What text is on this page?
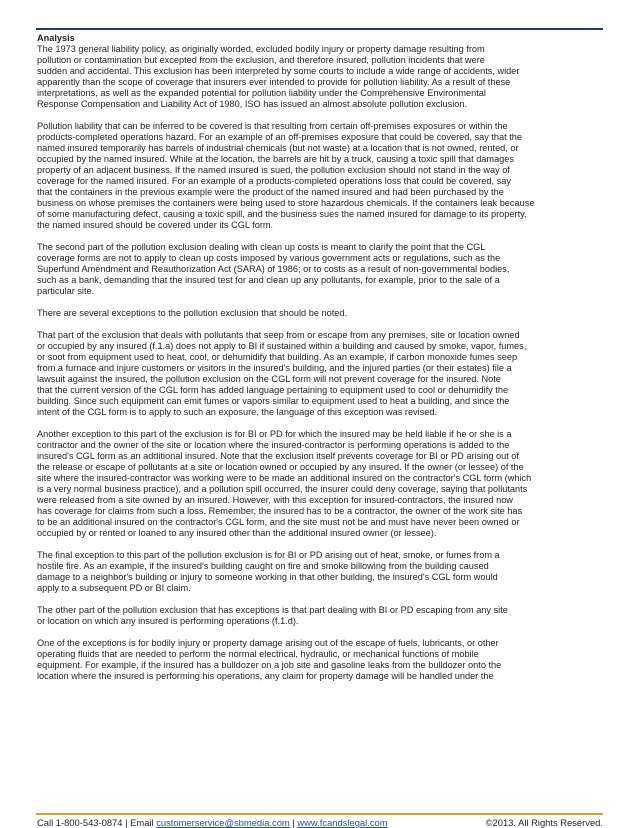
Analysis
The 1973 general liability policy, as originally worded, excluded bodily injury or property damage resulting from
pollution or contamination but excepted from the exclusion, and therefore insured, pollution incidents that were
sudden and accidental. This exclusion has been interpreted by some courts to include a wide range of accidents, wider
apparently than the scope of coverage that insurers ever intended to provide for pollution liability. As a result of these
interpretations, as well as the expanded potential for pollution liability under the Comprehensive Environmental
Response Compensation and Liability Act of 1980, ISO has issued an almost absolute pollution exclusion.
Pollution liability that can be inferred to be covered is that resulting from certain off-premises exposures or within the
products-completed operations hazard. For an example of an off-premises exposure that could be covered, say that the
named insured temporarily has barrels of industrial chemicals (but not waste) at a location that is not owned, rented, or
occupied by the named insured. While at the location, the barrels are hit by a truck, causing a toxic spill that damages
property of an adjacent business. If the named insured is sued, the pollution exclusion should not stand in the way of
coverage for the named insured. For an example of a products-completed operations loss that could be covered, say
that the containers in the previous example were the product of the named insured and had been purchased by the
business on whose premises the containers were being used to store hazardous chemicals. If the containers leak because
of some manufacturing defect, causing a toxic spill, and the business sues the named insured for damage to its property,
the named insured should be covered under its CGL form.
The second part of the pollution exclusion dealing with clean up costs is meant to clarify the point that the CGL
coverage forms are not to apply to clean up costs imposed by various government acts or regulations, such as the
Superfund Amendment and Reauthorization Act (SARA) of 1986; or to costs as a result of non-governmental bodies,
such as a bank, demanding that the insured test for and clean up any pollutants, for example, prior to the sale of a
particular site.
There are several exceptions to the pollution exclusion that should be noted.
That part of the exclusion that deals with pollutants that seep from or escape from any premises, site or location owned
or occupied by any insured (f.1.a) does not apply to BI if sustained within a building and caused by smoke, vapor, fumes,
or soot from equipment used to heat, cool, or dehumidify that building. As an example, if carbon monoxide fumes seep
from a furnace and injure customers or visitors in the insured's building, and the injured parties (or their estates) file a
lawsuit against the insured, the pollution exclusion on the CGL form will not prevent coverage for the insured. Note
that the current version of the CGL form has added language pertaining to equipment used to cool or dehumidify the
building. Since such equipment can emit fumes or vapors similar to equipment used to heat a building, and since the
intent of the CGL form is to apply to such an exposure, the language of this exception was revised.
Another exception to this part of the exclusion is for BI or PD for which the insured may be held liable if he or she is a
contractor and the owner of the site or location where the insured-contractor is performing operations is added to the
insured's CGL form as an additional insured. Note that the exclusion itself prevents coverage for BI or PD arising out of
the release or escape of pollutants at a site or location owned or occupied by any insured. If the owner (or lessee) of the
site where the insured-contractor was working were to be made an additional insured on the contractor's CGL form (which
is a very normal business practice), and a pollution spill occurred, the insurer could deny coverage, saying that pollutants
were released from a site owned by an insured. However, with this exception for insured-contractors, the insured now
has coverage for claims from such a loss. Remember, the insured has to be a contractor, the owner of the work site has
to be an additional insured on the contractor's CGL form, and the site must not be and must have never been owned or
occupied by or rented or loaned to any insured other than the additional insured owner (or lessee).
The final exception to this part of the pollution exclusion is for BI or PD arising out of heat, smoke, or fumes from a
hostile fire. As an example, if the insured's building caught on fire and smoke billowing from the building caused
damage to a neighbor's building or injury to someone working in that other building, the insured's CGL form would
apply to a subsequent PD or BI claim.
The other part of the pollution exclusion that has exceptions is that part dealing with BI or PD escaping from any site
or location on which any insured is performing operations (f.1.d).
One of the exceptions is for bodily injury or property damage arising out of the escape of fuels, lubricants, or other
operating fluids that are needed to perform the normal electrical, hydraulic, or mechanical functions of mobile
equipment. For example, if the insured has a bulldozer on a job site and gasoline leaks from the bulldozer onto the
location where the insured is performing his operations, any claim for property damage will be handled under the
Call 1-800-543-0874 | Email customerservice@sbmedia.com | www.fcandslegal.com	©2013. All Rights Reserved.
